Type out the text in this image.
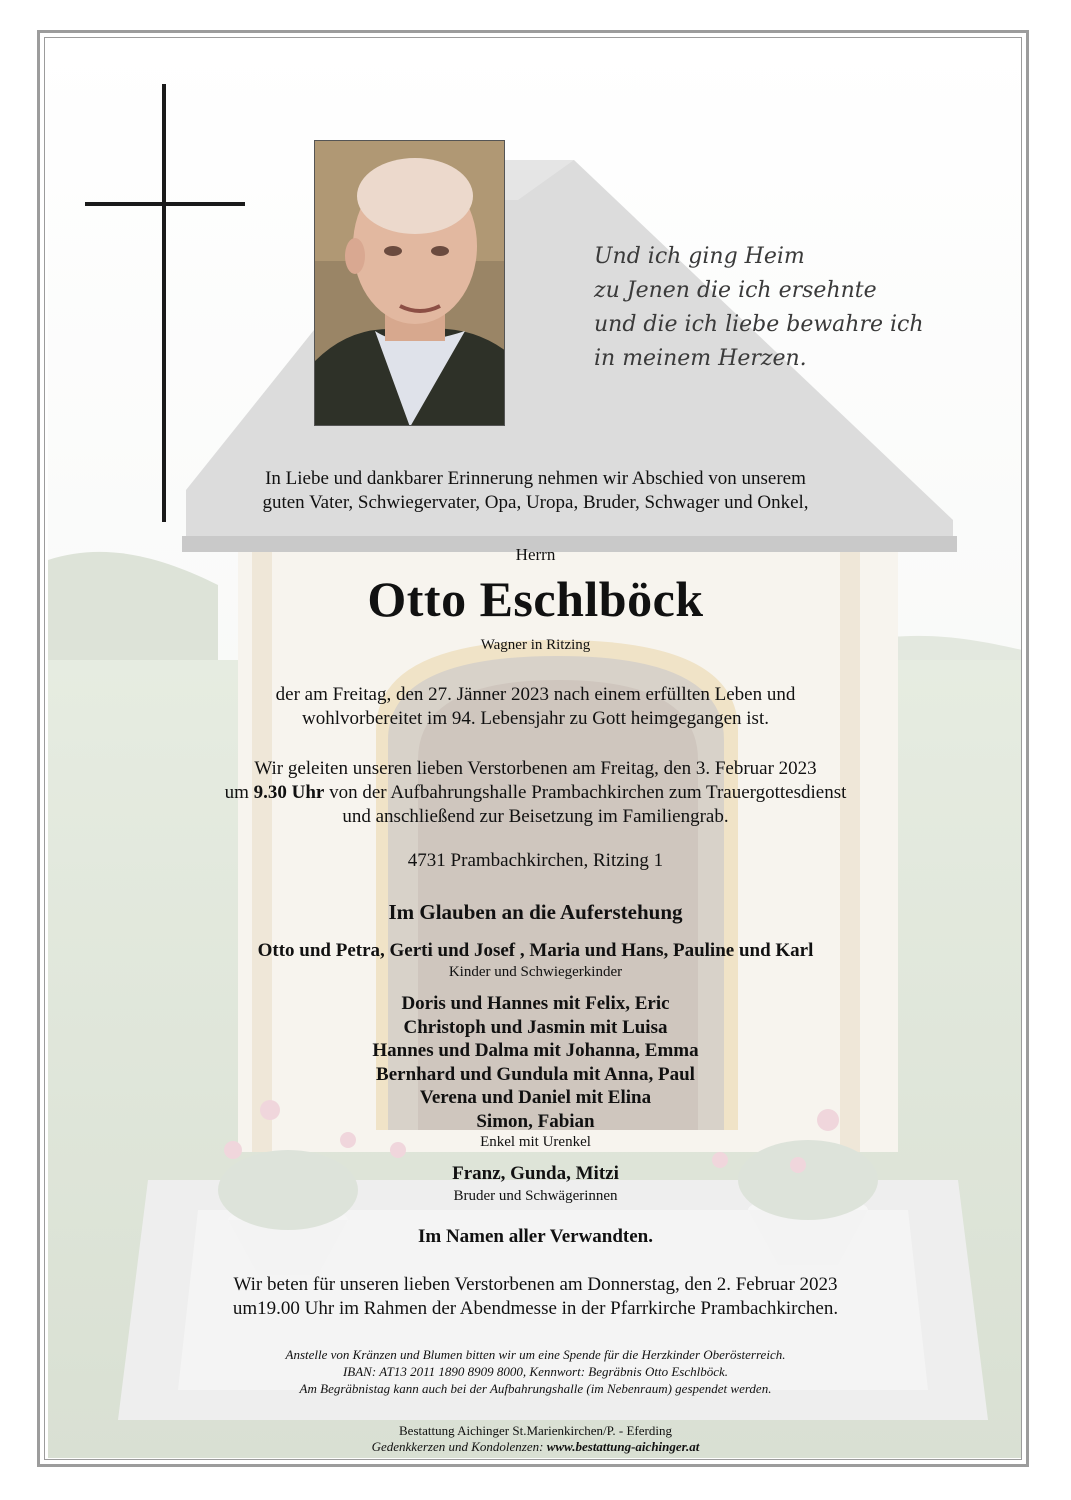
Und ich ging Heim
zu Jenen die ich ersehnte
und die ich liebe bewahre ich
in meinem Herzen.
In Liebe und dankbarer Erinnerung nehmen wir Abschied von unserem
guten Vater, Schwiegervater, Opa, Uropa, Bruder, Schwager und Onkel,
Herrn
Otto Eschlböck
Wagner in Ritzing
der am Freitag, den 27. Jänner 2023 nach einem erfüllten Leben und
wohlvorbereitet im 94. Lebensjahr zu Gott heimgegangen ist.
Wir geleiten unseren lieben Verstorbenen am Freitag, den 3. Februar 2023
um 9.30 Uhr von der Aufbahrungshalle Prambachkirchen zum Trauergottesdienst
und anschließend zur Beisetzung im Familiengrab.
4731 Prambachkirchen, Ritzing 1
Im Glauben an die Auferstehung
Otto und Petra, Gerti und Josef , Maria und Hans, Pauline und Karl
Kinder und Schwiegerkinder
Doris und Hannes mit Felix, Eric
Christoph und Jasmin mit Luisa
Hannes und Dalma mit Johanna, Emma
Bernhard und Gundula mit Anna, Paul
Verena und Daniel mit Elina
Simon, Fabian
Enkel mit Urenkel
Franz, Gunda, Mitzi
Bruder und Schwägerinnen
Im Namen aller Verwandten.
Wir beten für unseren lieben Verstorbenen am Donnerstag, den 2. Februar 2023
um19.00 Uhr im Rahmen der Abendmesse in der Pfarrkirche Prambachkirchen.
Anstelle von Kränzen und Blumen bitten wir um eine Spende für die Herzkinder Oberösterreich.
IBAN: AT13 2011 1890 8909 8000, Kennwort: Begräbnis Otto Eschlböck.
Am Begräbnistag kann auch bei der Aufbahrungshalle (im Nebenraum) gespendet werden.
Bestattung Aichinger St.Marienkirchen/P. - Eferding
Gedenkkerzen und Kondolenzen: www.bestattung-aichinger.at
